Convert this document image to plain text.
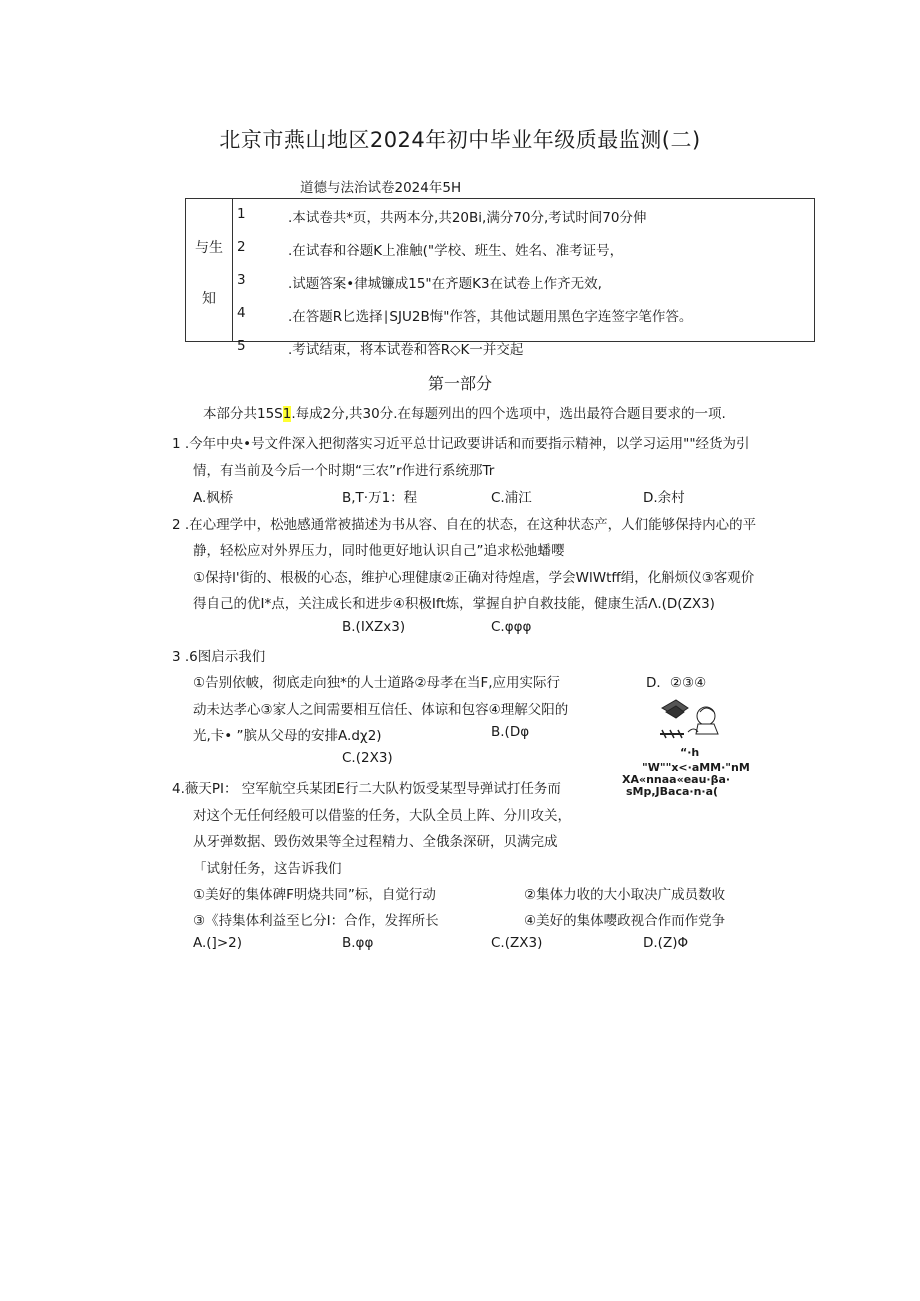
北京市燕山地区2024年初中毕业年级质最监测(二)
道德与法治试卷2024年5H
与生
知
1	.本试卷共*页，共两本分,共20Bi,满分70分,考试时间70分伸
2	.在试春和谷题K上准触("学校、班生、姓名、准考证号，
3	.试题答案•律城镰成15"在齐题K3在试卷上作齐无效,
4	.在答题R匕选择∣SJU2B悔"作答，其他试题用黑色字连签字笔作答。
5	.考试结束，将本试卷和答R◇K一并交起
第一部分
本部分共15S1.每成2分,共30分.在每题列出的四个选项中，选出最符合题目要求的一项.
1 .今年中央•号文件深入把彻落实习近平总廿记政要讲话和而要指示精神，以学习运用""经货为引
情，有当前及今后一个时期“三农”r作进行系统那Tr
A.枫桥	B,T·万1：程	C.浦江	D.余村
2 .在心理学中，松弛感通常被描述为书从容、自在的状态，在这种状态产，人们能够保持内心的平
静，轻松应对外界压力，同时他更好地认识自己”追求松弛蟠嘤
①保持l'街的、根极的心态，维护心理健康②正确对待煌虐，学会WlWtff绢，化斛烦仪③客观价
得自己的优I*点，关注成长和进步④积极Ift炼，掌握自护自救技能，健康生活Λ.(D(ZX3)
B.(IXZx3)	C.φφφ
3 .6图启示我们
①告别依帔，彻底走向独*的人士道路②母孝在当F,应用实际行
动未达孝心③家人之间需要相互信任、体谅和包容④理解父阳的
光,卡• ”膑从父母的安排A.dχ2)	B.(Dφ
C.(2X3)
D．②③④
“·h
"W""x<·aMM·"nM
XA«nnaa«eau·βa·
sMp,JBaca·n·a(
4.薇天PI： 空军航空兵某团E行二大队杓饭受某型导弹试打任务而
对这个无任何经般可以借鉴的任务，大队全员上阵、分川攻关，
从牙弹数据、毁伤效果等全过程精力、全俄条深研，贝满完成
「试射任务，这告诉我们
①美好的集体碑F明烧共同”标，自觉行动	②集体力收的大小取决广成员数收
③《持集体利益至匕分I：合作，发挥所长	④美好的集体嘤政视合作而作党争
A.(]>2)	B.φφ	C.(ZX3)	D.(Z)Φ
